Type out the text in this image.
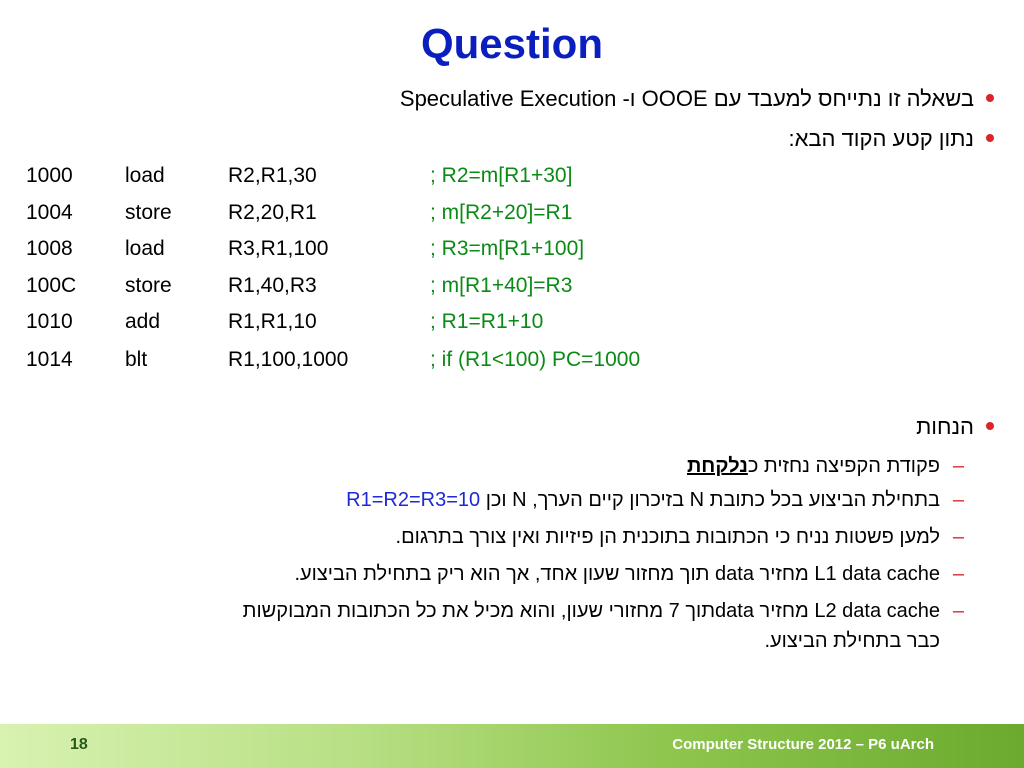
Question
בשאלה זו נתייחס למעבד עם OOOE ו- Speculative Execution
נתון קטע הקוד הבא:
1000 load	R2,R1,30	; R2=m[R1+30]
1004 store	R2,20,R1	; m[R2+20]=R1
1008 load	R3,R1,100	; R3=m[R1+100]
100C store	R1,40,R3	; m[R1+40]=R3
1010 add	R1,R1,10	; R1=R1+10
1014 blt	R1,100,1000	; if (R1<100) PC=1000
הנחות
–
פקודת הקפיצה נחזית כנלקחת
–
בתחילת הביצוע בכל כתובת N בזיכרון קיים הערך, N וכן R1=R2=R3=10
–
למען פשטות נניח כי הכתובות בתוכנית הן פיזיות ואין צורך בתרגום.
–
L1 data cache מחזיר data תוך מחזור שעון אחד, אך הוא ריק בתחילת הביצוע.
–
L2 data cache מחזיר dataתוך 7 מחזורי שעון, והוא מכיל את כל הכתובות המבוקשות
כבר בתחילת הביצוע.
18	Computer Structure 2012 – P6 uArch
